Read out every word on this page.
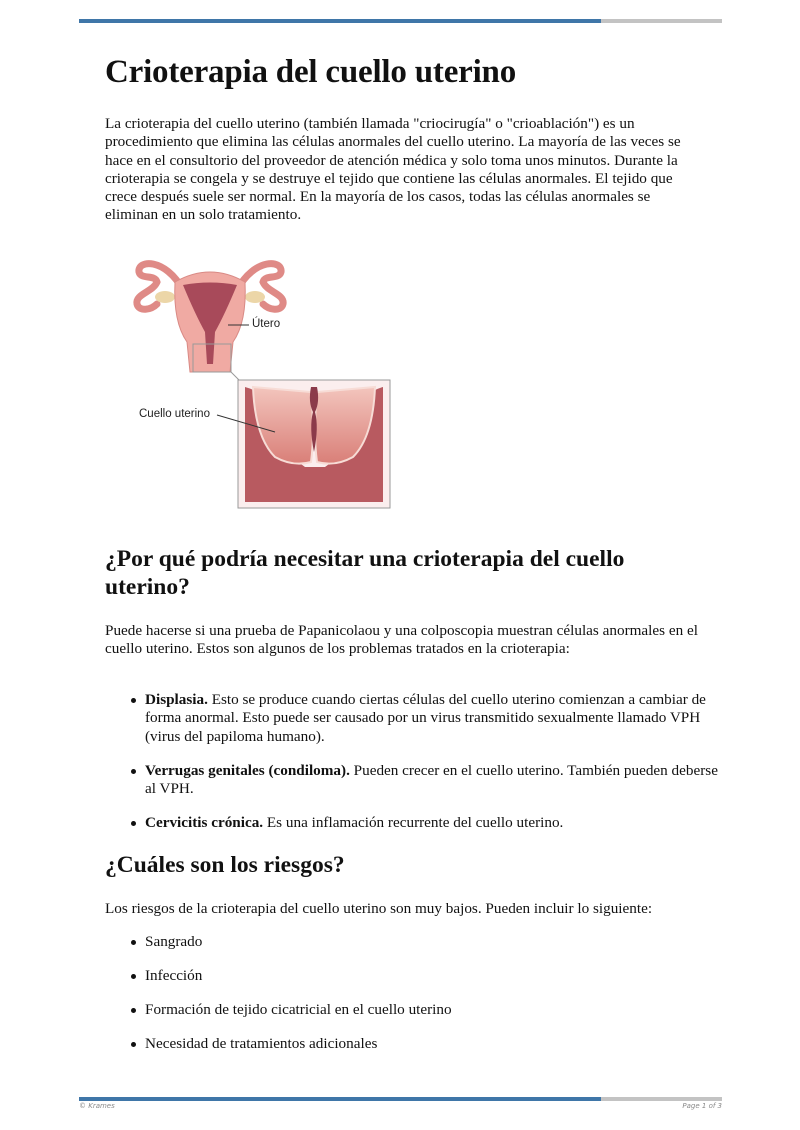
Crioterapia del cuello uterino

La crioterapia del cuello uterino (también llamada "criocirugía" o "crioablación") es un procedimiento que elimina las células anormales del cuello uterino. La mayoría de las veces se hace en el consultorio del proveedor de atención médica y solo toma unos minutos. Durante la crioterapia se congela y se destruye el tejido que contiene las células anormales. El tejido que crece después suele ser normal. En la mayoría de los casos, todas las células anormales se eliminan en un solo tratamiento.

Útero
Cuello uterino
¿Por qué podría necesitar una crioterapia del cuello uterino?

Puede hacerse si una prueba de Papanicolaou y una colposcopia muestran células anormales en el cuello uterino. Estos son algunos de los problemas tratados en la crioterapia:

Displasia. Esto se produce cuando ciertas células del cuello uterino comienzan a cambiar de forma anormal. Esto puede ser causado por un virus transmitido sexualmente llamado VPH (virus del papiloma humano).
Verrugas genitales (condiloma). Pueden crecer en el cuello uterino. También pueden deberse al VPH.
Cervicitis crónica. Es una inflamación recurrente del cuello uterino.
¿Cuáles son los riesgos?

Los riesgos de la crioterapia del cuello uterino son muy bajos. Pueden incluir lo siguiente:

Sangrado
Infección
Formación de tejido cicatricial en el cuello uterino
Necesidad de tratamientos adicionales
© Krames	Page 1 of 3
